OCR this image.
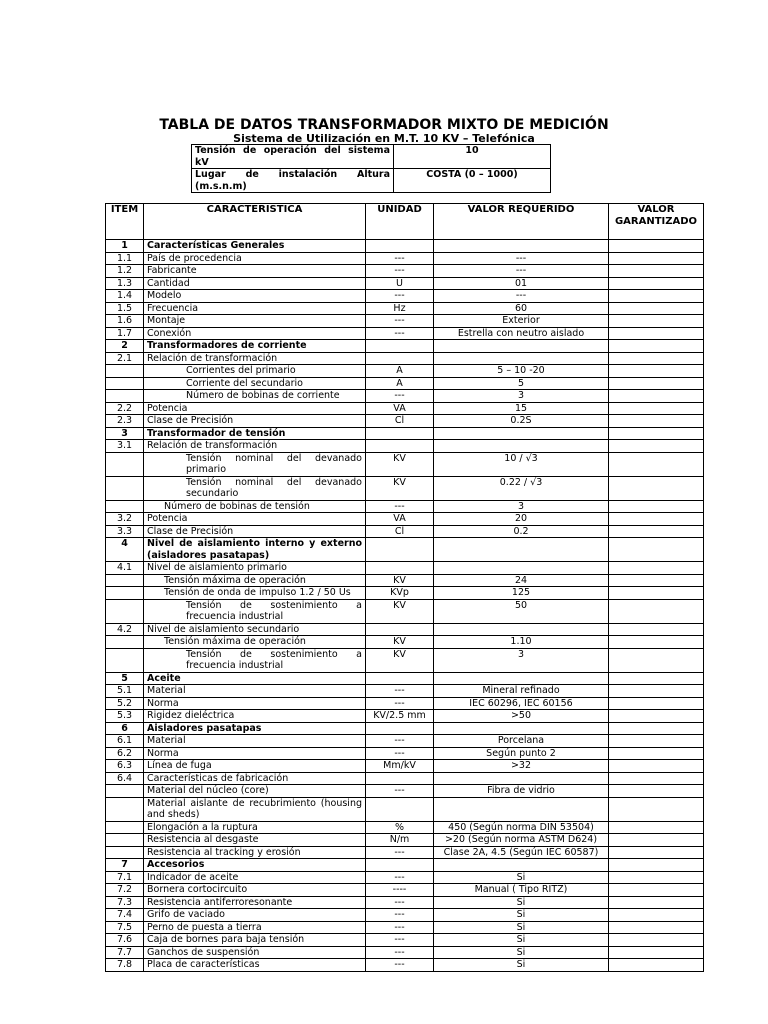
TABLA DE DATOS TRANSFORMADOR MIXTO DE MEDICIÓN
Sistema de Utilización en M.T. 10 KV – Telefónica
Tensión de operación del sistema kV	10
Lugar de instalación Altura (m.s.n.m)	COSTA (0 – 1000)
ITEM	CARACTERISTICA	UNIDAD	VALOR REQUERIDO	VALOR GARANTIZADO
1	Características Generales			
1.1	País de procedencia	---	---	
1.2	Fabricante	---	---	
1.3	Cantidad	U	01	
1.4	Modelo	---	---	
1.5	Frecuencia	Hz	60	
1.6	Montaje	---	Exterior	
1.7	Conexión	---	Estrella con neutro aislado	
2	Transformadores de corriente			
2.1	Relación de transformación			
	Corrientes del primario	A	5 – 10 -20	
	Corriente del secundario	A	5	
	Número de bobinas de corriente	---	3	
2.2	Potencia	VA	15	
2.3	Clase de Precisión	Cl	0.2S	
3	Transformador de tensión			
3.1	Relación de transformación			
	Tensión nominal del devanado primario	KV	10 / √3	
	Tensión nominal del devanado secundario	KV	0.22 / √3	
	Número de bobinas de tensión	---	3	
3.2	Potencia	VA	20	
3.3	Clase de Precisión	Cl	0.2	
4	Nivel de aislamiento interno y externo (aisladores pasatapas)			
4.1	Nivel de aislamiento primario			
	Tensión máxima de operación	KV	24	
	Tensión de onda de impulso 1.2 / 50 Us	KVp	125	
	Tensión de sostenimiento a frecuencia industrial	KV	50	
4.2	Nivel de aislamiento secundario			
	Tensión máxima de operación	KV	1.10	
	Tensión de sostenimiento a frecuencia industrial	KV	3	
5	Aceite			
5.1	Material	---	Mineral refinado	
5.2	Norma	---	IEC 60296, IEC 60156	
5.3	Rigidez dieléctrica	KV/2.5 mm	>50	
6	Aisladores pasatapas			
6.1	Material	---	Porcelana	
6.2	Norma	---	Según punto 2	
6.3	Línea de fuga	Mm/kV	>32	
6.4	Características de fabricación			
	Material del núcleo (core)	---	Fibra de vidrio	
	Material aislante de recubrimiento (housing and sheds)			
	Elongación a la ruptura	%	450 (Según norma DIN 53504)	
	Resistencia al desgaste	N/m	>20 (Según norma ASTM D624)	
	Resistencia al tracking y erosión	---	Clase 2A, 4.5 (Según IEC 60587)	
7	Accesorios			
7.1	Indicador de aceite	---	Si	
7.2	Bornera cortocircuito	----	Manual ( Tipo RITZ)	
7.3	Resistencia antiferroresonante	---	Si	
7.4	Grifo de vaciado	---	Si	
7.5	Perno de puesta a tierra	---	Si	
7.6	Caja de bornes para baja tensión	---	Si	
7.7	Ganchos de suspensión	---	Si	
7.8	Placa de características	---	Si	
